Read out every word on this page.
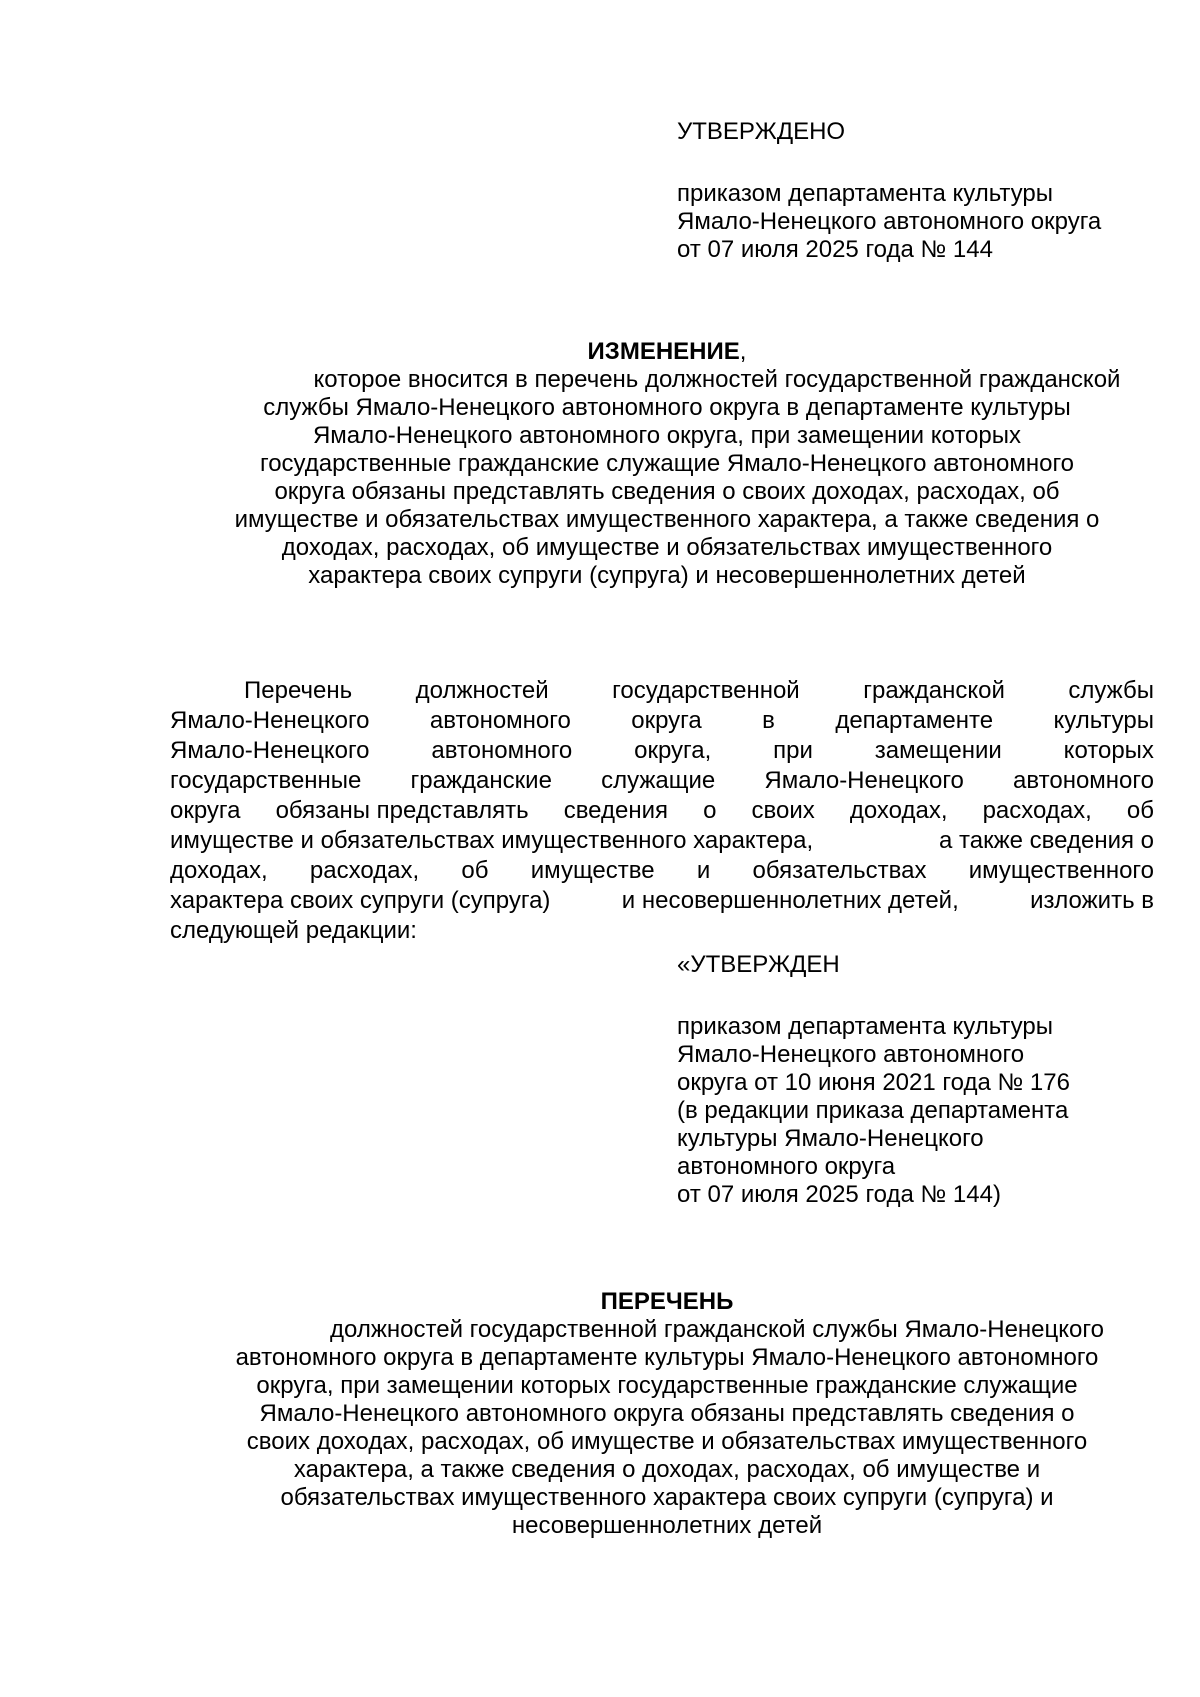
УТВЕРЖДЕНО
приказом департамента культуры
Ямало-Ненецкого автономного округа
от 07 июля 2025 года № 144
ИЗМЕНЕНИЕ,
которое вносится в перечень должностей государственной гражданской
службы Ямало-Ненецкого автономного округа в департаменте культуры
Ямало-Ненецкого автономного округа, при замещении которых
государственные гражданские служащие Ямало-Ненецкого автономного
округа обязаны представлять сведения о своих доходах, расходах, об
имуществе и обязательствах имущественного характера, а также сведения о
доходах, расходах, об имуществе и обязательствах имущественного
характера своих супруги (супруга) и несовершеннолетних детей
Перечень	должностей	государственной	гражданской	службы
Ямало-Ненецкого	автономного	округа	в	департаменте	культуры
Ямало-Ненецкого	автономного	округа,	при	замещении	которых
государственные гражданские служащие Ямало-Ненецкого автономного
округа обязаны представлять сведения о своих доходах, расходах, об
имуществе и обязательствах имущественного характера,	а также сведения о
доходах, расходах, об имуществе и обязательствах имущественного
характера своих супруги (супруга)	и несовершеннолетних детей,	изложить в
следующей редакции:
«УТВЕРЖДЕН
приказом департамента культуры
Ямало-Ненецкого автономного
округа от 10 июня 2021 года № 176
(в редакции приказа департамента
культуры Ямало-Ненецкого
автономного округа
от 07 июля 2025 года № 144)
ПЕРЕЧЕНЬ
должностей государственной гражданской службы Ямало-Ненецкого
автономного округа в департаменте культуры Ямало-Ненецкого автономного
округа, при замещении которых государственные гражданские служащие
Ямало-Ненецкого автономного округа обязаны представлять сведения о
своих доходах, расходах, об имуществе и обязательствах имущественного
характера, а также сведения о доходах, расходах, об имуществе и
обязательствах имущественного характера своих супруги (супруга) и
несовершеннолетних детей
